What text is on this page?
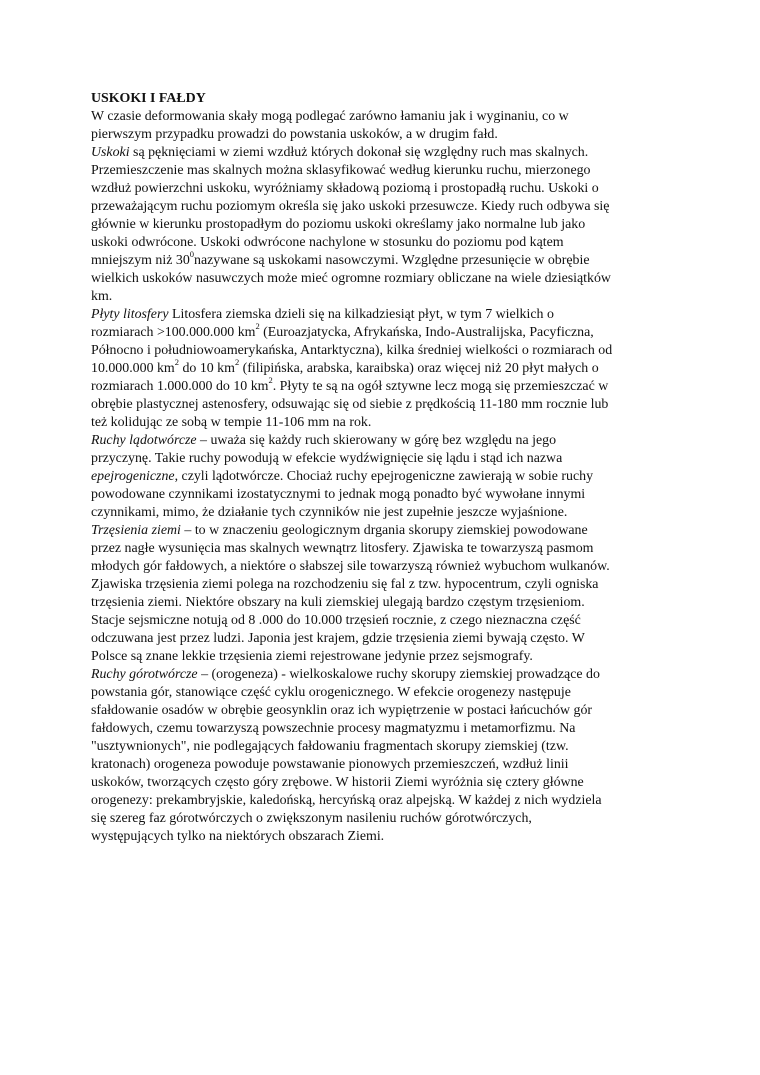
USKOKI I FAŁDY

W czasie deformowania skały mogą podlegać zarówno łamaniu jak i wyginaniu, co w

pierwszym przypadku prowadzi do powstania uskoków, a w drugim fałd.

Uskoki są pęknięciami w ziemi wzdłuż których dokonał się względny ruch mas skalnych.

Przemieszczenie mas skalnych można sklasyfikować według kierunku ruchu, mierzonego

wzdłuż powierzchni uskoku, wyróżniamy składową poziomą i prostopadłą ruchu. Uskoki o

przeważającym ruchu poziomym określa się jako uskoki przesuwcze. Kiedy ruch odbywa się

głównie w kierunku prostopadłym do poziomu uskoki określamy jako normalne lub jako

uskoki odwrócone. Uskoki odwrócone nachylone w stosunku do poziomu pod kątem

mniejszym niż $30^0nazywane$ są uskokami nasowczymi. Względne przesunięcie w obrębie

wielkich uskoków nasuwczych może mieć ogromne rozmiary obliczane na wiele dziesiątków

km.

Płyty litosfery Litosfera ziemska dzieli się na kilkadziesiąt płyt, w tym 7 wielkich o

rozmiarach >100.000.000 $km^2$ (Euroazjatycka, Afrykańska, Indo-Australijska, Pacyficzna,

Północno i południowoamerykańska, Antarktyczna), kilka średniej wielkości o rozmiarach od

10.000.000 $km^2$ do 10 $km^2$ (filipińska, arabska, karaibska) oraz więcej niż 20 płyt małych o

rozmiarach 1.000.000 do 10 $km^2$. Płyty te są na ogół sztywne lecz mogą się przemieszczać w

obrębie plastycznej astenosfery, odsuwając się od siebie z prędkością 11-180 mm rocznie lub

też kolidując ze sobą w tempie 11-106 mm na rok.

Ruchy lądotwórcze – uważa się każdy ruch skierowany w górę bez względu na jego

przyczynę. Takie ruchy powodują w efekcie wydźwignięcie się lądu i stąd ich nazwa

epejrogeniczne, czyli lądotwórcze. Chociaż ruchy epejrogeniczne zawierają w sobie ruchy

powodowane czynnikami izostatycznymi to jednak mogą ponadto być wywołane innymi

czynnikami, mimo, że działanie tych czynników nie jest zupełnie jeszcze wyjaśnione.

Trzęsienia ziemi – to w znaczeniu geologicznym drgania skorupy ziemskiej powodowane

przez nagłe wysunięcia mas skalnych wewnątrz litosfery. Zjawiska te towarzyszą pasmom

młodych gór fałdowych, a niektóre o słabszej sile towarzyszą również wybuchom wulkanów.

Zjawiska trzęsienia ziemi polega na rozchodzeniu się fal z tzw. hypocentrum, czyli ogniska

trzęsienia ziemi. Niektóre obszary na kuli ziemskiej ulegają bardzo częstym trzęsieniom.

Stacje sejsmiczne notują od 8 .000 do 10.000 trzęsień rocznie, z czego nieznaczna część

odczuwana jest przez ludzi. Japonia jest krajem, gdzie trzęsienia ziemi bywają często. W

Polsce są znane lekkie trzęsienia ziemi rejestrowane jedynie przez sejsmografy.

Ruchy górotwórcze – (orogeneza) - wielkoskalowe ruchy skorupy ziemskiej prowadzące do

powstania gór, stanowiące część cyklu orogenicznego. W efekcie orogenezy następuje

sfałdowanie osadów w obrębie geosynklin oraz ich wypiętrzenie w postaci łańcuchów gór

fałdowych, czemu towarzyszą powszechnie procesy magmatyzmu i metamorfizmu. Na

"usztywnionych", nie podlegających fałdowaniu fragmentach skorupy ziemskiej (tzw.

kratonach) orogeneza powoduje powstawanie pionowych przemieszczeń, wzdłuż linii

uskoków, tworzących często góry zrębowe. W historii Ziemi wyróżnia się cztery główne

orogenezy: prekambryjskie, kaledońską, hercyńską oraz alpejską. W każdej z nich wydziela

się szereg faz górotwórczych o zwiększonym nasileniu ruchów górotwórczych,

występujących tylko na niektórych obszarach Ziemi.
